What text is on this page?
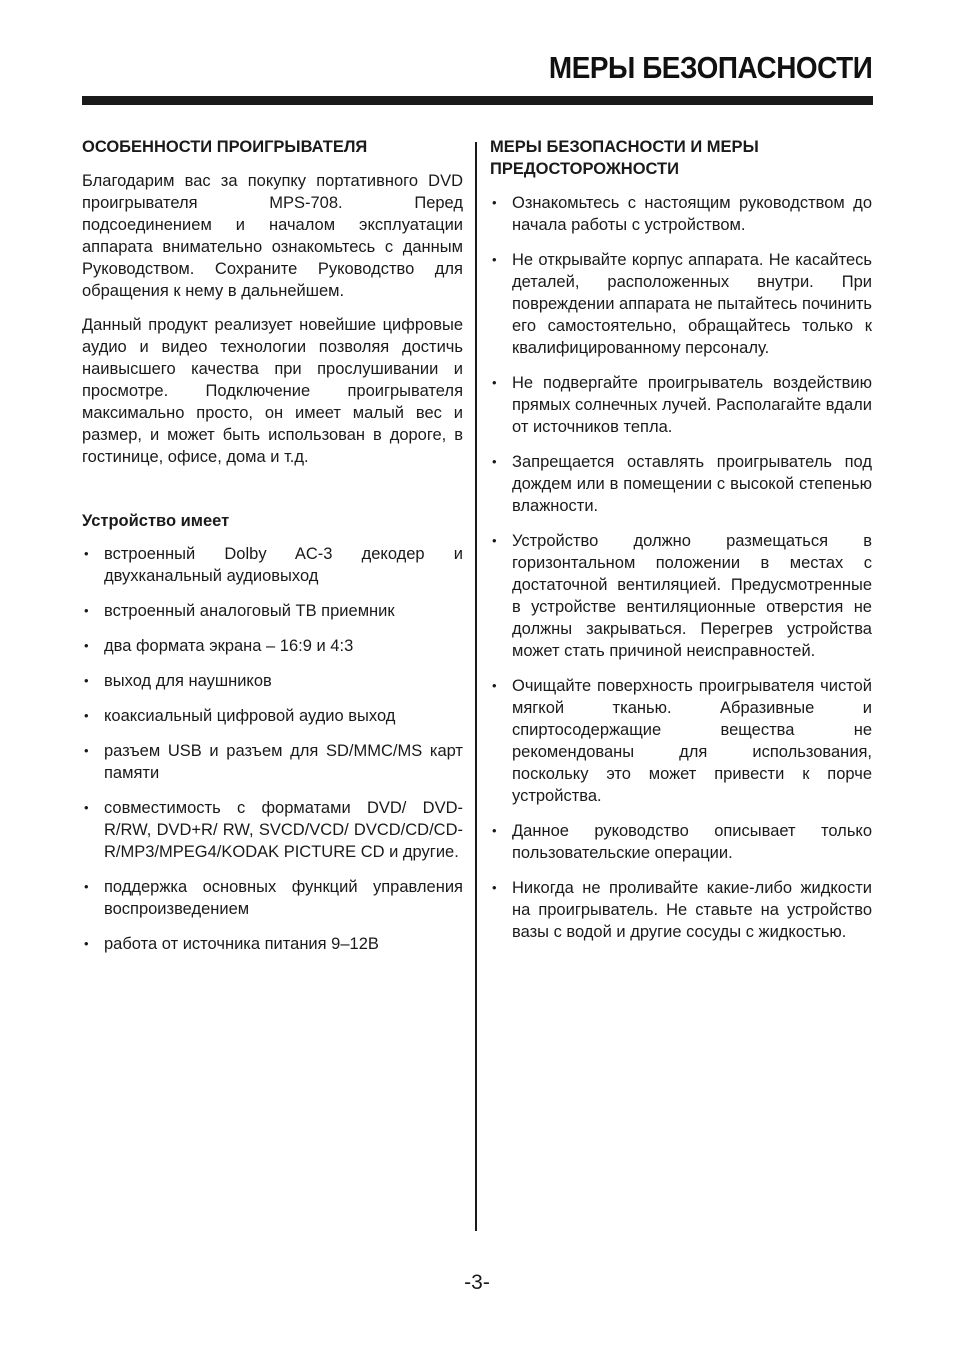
МЕРЫ БЕЗОПАСНОСТИ
ОСОБЕННОСТИ ПРОИГРЫВАТЕЛЯ

Благодарим вас за покупку портативного DVD проигрывателя MPS-708. Перед подсоединением и началом эксплуатации аппарата внимательно ознакомьтесь с данным Руководством. Сохраните Руководство для обращения к нему в дальнейшем.

Данный продукт реализует новейшие цифровые аудио и видео технологии позволяя достичь наивысшего качества при прослушивании и просмотре. Подключение проигрывателя максимально просто, он имеет малый вес и размер, и может быть использован в дороге, в гостинице, офисе, дома и т.д.

Устройство имеет
• встроенный Dolby AC-3 декодер и двухканальный аудиовыход
• встроенный аналоговый ТВ приемник
• два формата экрана – 16:9 и 4:3
• выход для наушников
• коаксиальный цифровой аудио выход
• разъем USB и разъем для SD/MMC/MS карт памяти
• совместимость с форматами DVD/ DVD-R/RW, DVD+R/ RW, SVCD/VCD/ DVCD/CD/CD-R/MP3/MPEG4/KODAK PICTURE CD и другие.
• поддержка основных функций управления воспроизведением
• работа от источника питания 9–12В
МЕРЫ БЕЗОПАСНОСТИ И МЕРЫ ПРЕДОСТОРОЖНОСТИ
• Ознакомьтесь с настоящим руководством до начала работы с устройством.
• Не открывайте корпус аппарата. Не касайтесь деталей, расположенных внутри. При повреждении аппарата не пытайтесь починить его самостоятельно, обращайтесь только к квалифицированному персоналу.
• Не подвергайте проигрыватель воздействию прямых солнечных лучей. Располагайте вдали от источников тепла.
• Запрещается оставлять проигрыватель под дождем или в помещении с высокой степенью влажности.
• Устройство должно размещаться в горизонтальном положении в местах с достаточной вентиляцией. Предусмотренные в устройстве вентиляционные отверстия не должны закрываться. Перегрев устройства может стать причиной неисправностей.
• Очищайте поверхность проигрывателя чистой мягкой тканью. Абразивные и спиртосодержащие вещества не рекомендованы для использования, поскольку это может привести к порче устройства.
• Данное руководство описывает только пользовательские операции.
• Никогда не проливайте какие-либо жидкости на проигрыватель. Не ставьте на устройство вазы с водой и другие сосуды с жидкостью.
-3-
